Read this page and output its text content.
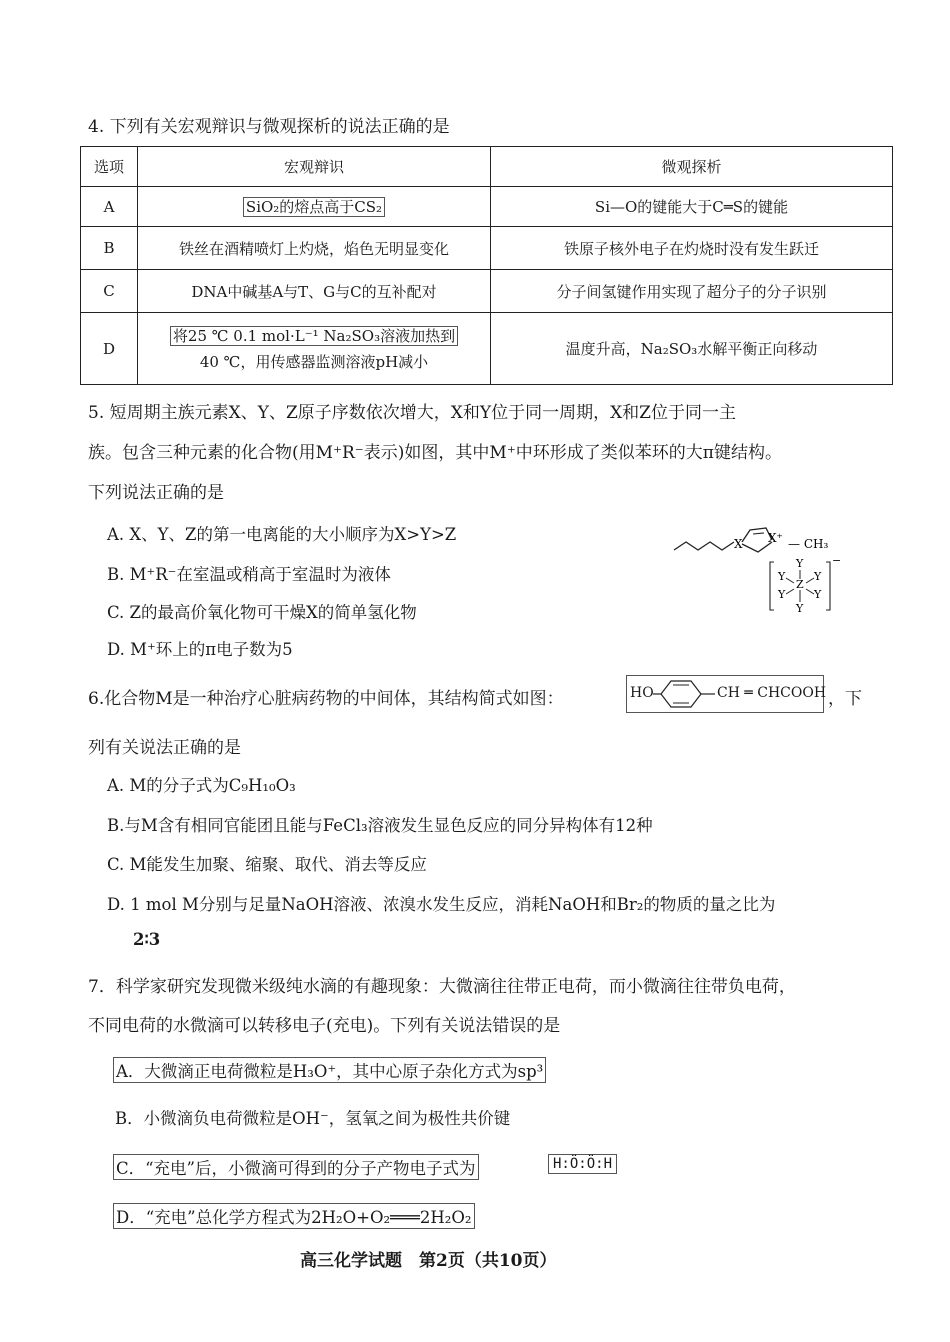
4. 下列有关宏观辩识与微观探析的说法正确的是
选项	宏观辩识	微观探析
A	SiO₂的熔点高于CS₂	Si—O的键能大于C═S的键能
B	铁丝在酒精喷灯上灼烧，焰色无明显变化	铁原子核外电子在灼烧时没有发生跃迁
C	DNA中碱基A与T、G与C的互补配对	分子间氢键作用实现了超分子的分子识别
D	将25 ℃ 0.1 mol·L⁻¹ Na₂SO₃溶液加热到
40 ℃，用传感器监测溶液pH减小	温度升高，Na₂SO₃水解平衡正向移动
5. 短周期主族元素X、Y、Z原子序数依次增大，X和Y位于同一周期，X和Z位于同一主
族。包含三种元素的化合物(用M⁺R⁻表示)如图，其中M⁺中环形成了类似苯环的大π键结构。
下列说法正确的是
A. X、Y、Z的第一电离能的大小顺序为X>Y>Z
B. M⁺R⁻在室温或稍高于室温时为液体
C. Z的最高价氧化物可干燥X的简单氢化物
D. M⁺环上的π电子数为5
X X⁺ — CH₃
−
Y
Y	Y
Z
Y	Y
Y
6.化合物M是一种治疗心脏病药物的中间体，其结构简式如图：	HO	CH ═ CHCOOH ，下
列有关说法正确的是
A. M的分子式为C₉H₁₀O₃
B.与M含有相同官能团且能与FeCl₃溶液发生显色反应的同分异构体有12种
C. M能发生加聚、缩聚、取代、消去等反应
D. 1 mol M分别与足量NaOH溶液、浓溴水发生反应，消耗NaOH和Br₂的物质的量之比为
2∶3
7．科学家研究发现微米级纯水滴的有趣现象：大微滴往往带正电荷，而小微滴往往带负电荷，
不同电荷的水微滴可以转移电子(充电)。下列有关说法错误的是
A．大微滴正电荷微粒是H₃O⁺，其中心原子杂化方式为sp³
B．小微滴负电荷微粒是OH⁻，氢氧之间为极性共价键
C．“充电”后，小微滴可得到的分子产物电子式为	H:Ö:Ö:H
D．“充电”总化学方程式为2H₂O+O₂═══2H₂O₂
高三化学试题　第2页（共10页）
